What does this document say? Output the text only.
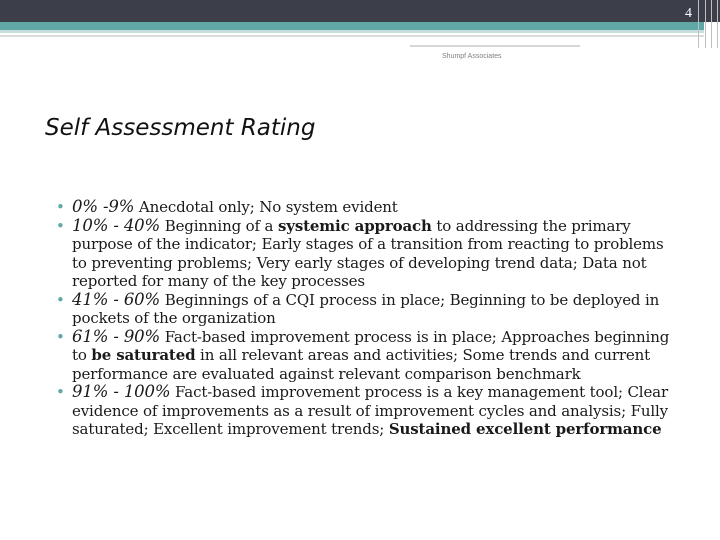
4
Shumpf Associates
Self Assessment Rating
• 0% -9% Anecdotal only; No system evident
• 10% - 40% Beginning of a systemic approach to addressing the primary purpose of the indicator; Early stages of a transition from reacting to problems to preventing problems; Very early stages of developing trend data; Data not reported for many of the key processes
• 41% - 60% Beginnings of a CQI process in place; Beginning to be deployed in pockets of the organization
• 61% - 90% Fact-based improvement process is in place; Approaches beginning to be saturated in all relevant areas and activities; Some trends and current performance are evaluated against relevant comparison benchmark
• 91% - 100% Fact-based improvement process is a key management tool; Clear evidence of improvements as a result of improvement cycles and analysis; Fully saturated; Excellent improvement trends; Sustained excellent performance
